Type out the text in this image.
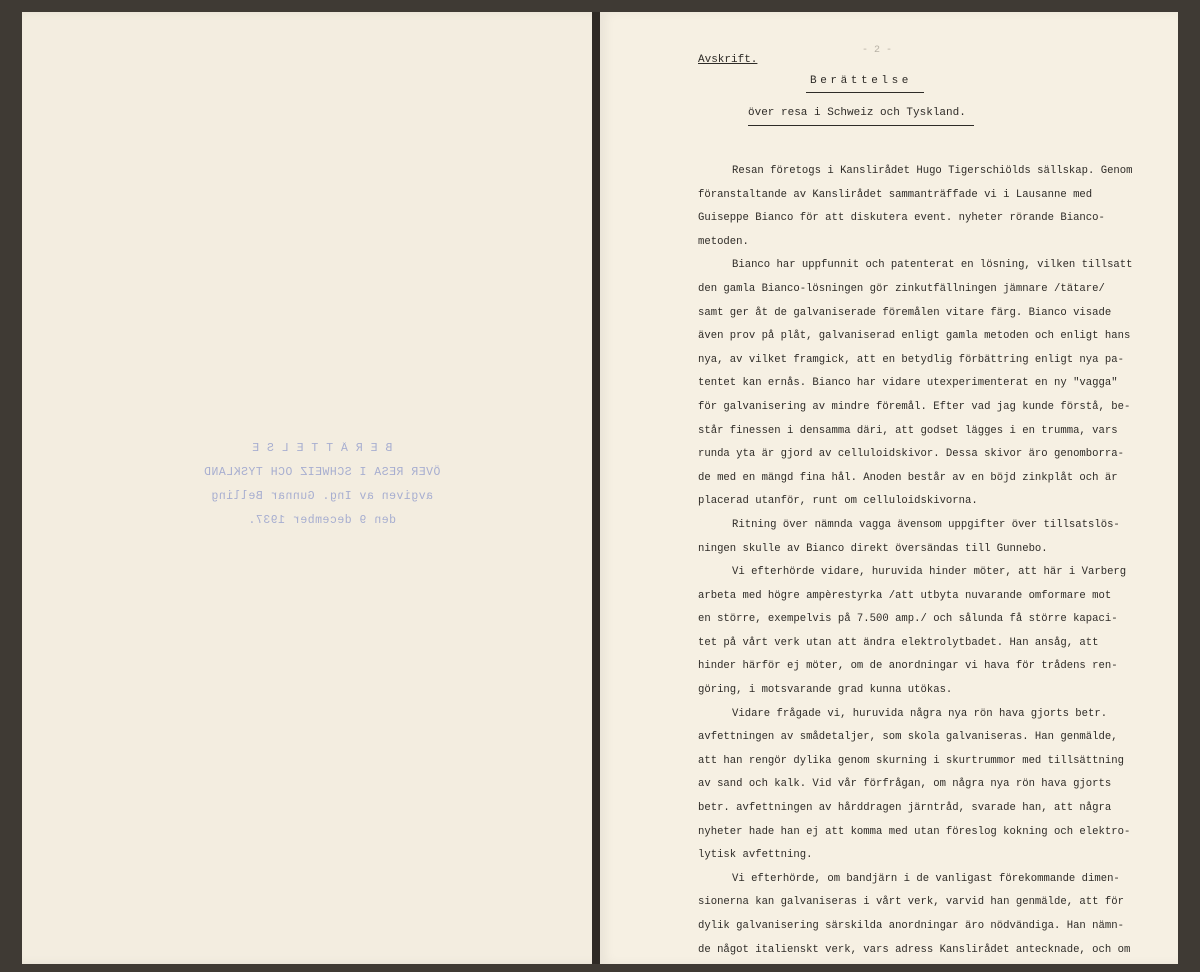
B E R Ä T T E L S E
ÖVER RESA I SCHWEIZ OCH TYSKLAND
avgiven av Ing. Gunnar Belling
den 9 december 1937.
- 2 -
Avskrift.
Berättelse
över resa i Schweiz och Tyskland.
Resan företogs i Kanslirådet Hugo Tigerschiölds sällskap. Genom
föranstaltande av Kanslirådet sammanträffade vi i Lausanne med
Guiseppe Bianco för att diskutera event. nyheter rörande Bianco-
metoden.
Bianco har uppfunnit och patenterat en lösning, vilken tillsatt
den gamla Bianco-lösningen gör zinkutfällningen jämnare /tätare/
samt ger åt de galvaniserade föremålen vitare färg. Bianco visade
även prov på plåt, galvaniserad enligt gamla metoden och enligt hans
nya, av vilket framgick, att en betydlig förbättring enligt nya pa-
tentet kan ernås. Bianco har vidare utexperimenterat en ny "vagga"
för galvanisering av mindre föremål. Efter vad jag kunde förstå, be-
står finessen i densamma däri, att godset lägges i en trumma, vars
runda yta är gjord av celluloidskivor. Dessa skivor äro genomborra-
de med en mängd fina hål. Anoden består av en böjd zinkplåt och är
placerad utanför, runt om celluloidskivorna.
Ritning över nämnda vagga ävensom uppgifter över tillsatslös-
ningen skulle av Bianco direkt översändas till Gunnebo.
Vi efterhörde vidare, huruvida hinder möter, att här i Varberg
arbeta med högre ampèrestyrka /att utbyta nuvarande omformare mot
en större, exempelvis på 7.500 amp./ och sålunda få större kapaci-
tet på vårt verk utan att ändra elektrolytbadet. Han ansåg, att
hinder härför ej möter, om de anordningar vi hava för trådens ren-
göring, i motsvarande grad kunna utökas.
Vidare frågade vi, huruvida några nya rön hava gjorts betr.
avfettningen av smådetaljer, som skola galvaniseras. Han genmälde,
att han rengör dylika genom skurning i skurtrummor med tillsättning
av sand och kalk. Vid vår förfrågan, om några nya rön hava gjorts
betr. avfettningen av hårddragen järntråd, svarade han, att några
nyheter hade han ej att komma med utan föreslog kokning och elektro-
lytisk avfettning.
Vi efterhörde, om bandjärn i de vanligast förekommande dimen-
sionerna kan galvaniseras i vårt verk, varvid han genmälde, att för
dylik galvanisering särskilda anordningar äro nödvändiga. Han nämn-
de något italienskt verk, vars adress Kanslirådet antecknade, och om
